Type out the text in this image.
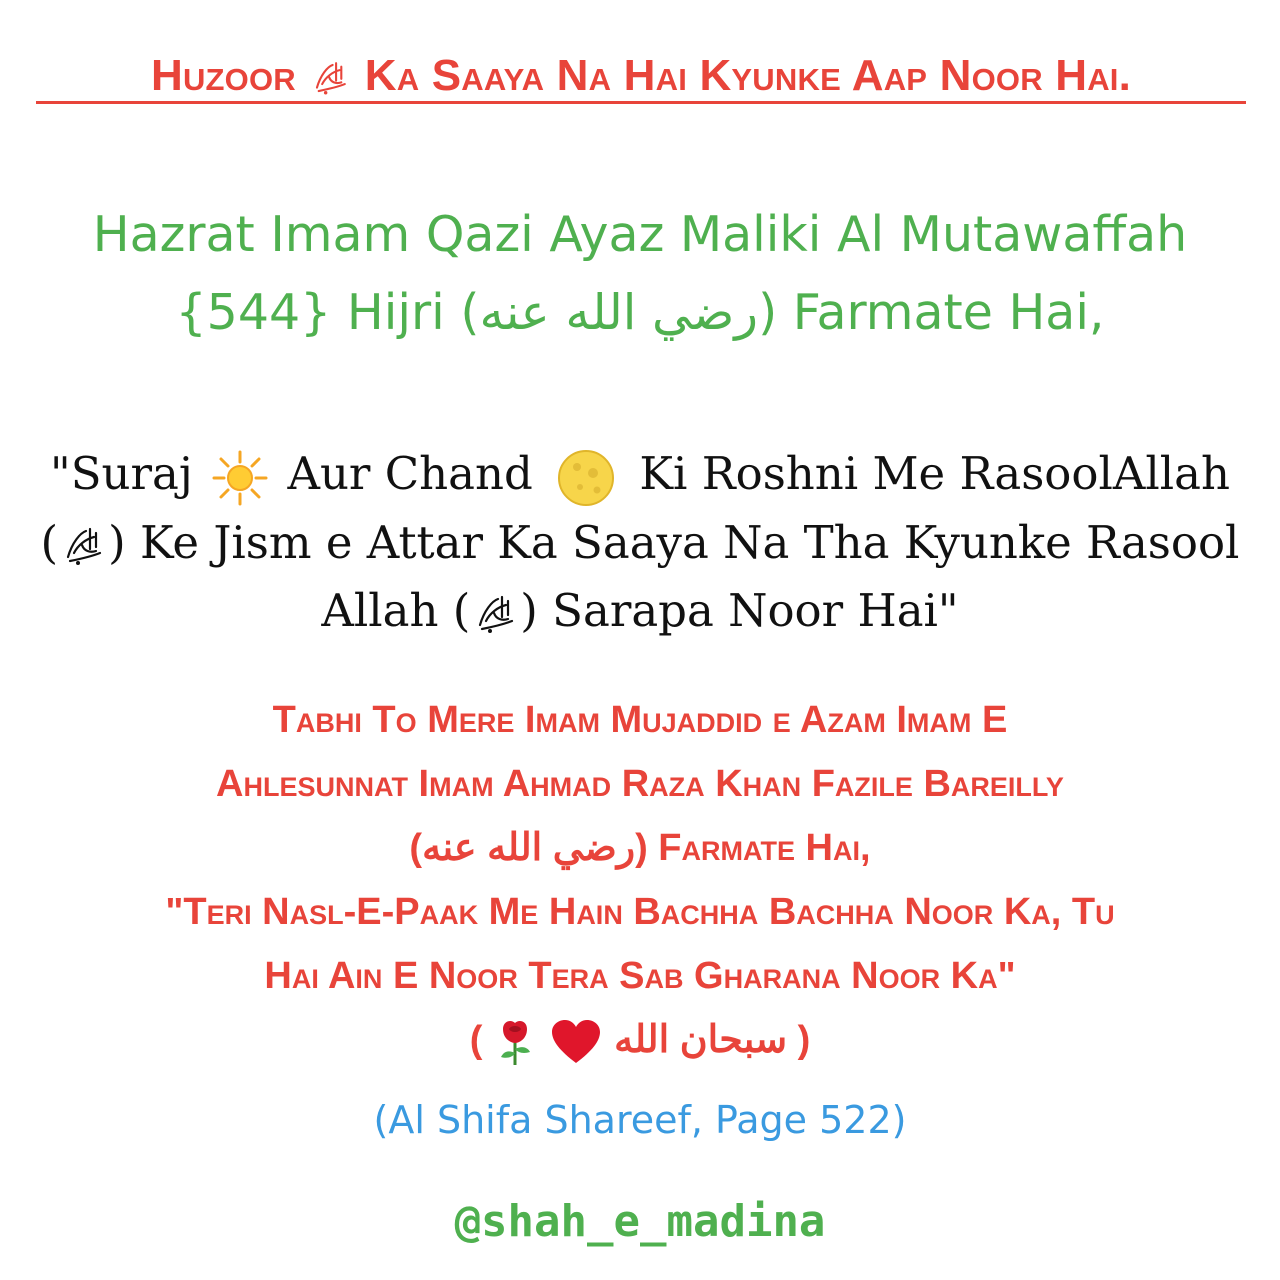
Huzoor Ka Saaya Na Hai Kyunke Aap Noor Hai.
Hazrat Imam Qazi Ayaz Maliki Al Mutawaffah
{544} Hijri (رضي الله عنه) Farmate Hai,
"Suraj Aur Chand Ki Roshni Me RasoolAllah
( ) Ke Jism e Attar Ka Saaya Na Tha Kyunke Rasool
Allah ( ) Sarapa Noor Hai"
Tabhi To Mere Imam Mujaddid e Azam Imam E
Ahlesunnat Imam Ahmad Raza Khan Fazile Bareilly
(رضي الله عنه) Farmate Hai,
"Teri Nasl-E-Paak Me Hain Bachha Bachha Noor Ka, Tu
Hai Ain E Noor Tera Sab Gharana Noor Ka"
(	سبحان الله )
(Al Shifa Shareef, Page 522)
@shah_e_madina
